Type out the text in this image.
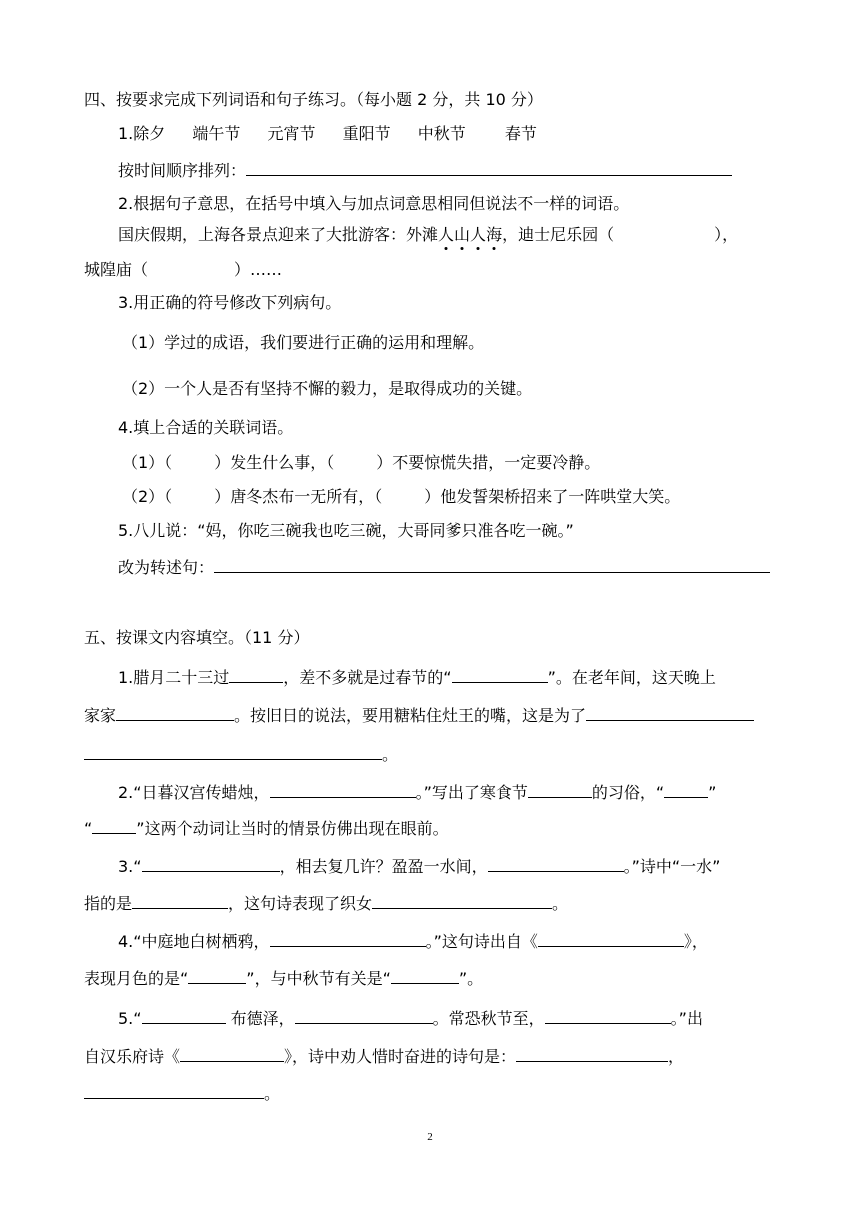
四、按要求完成下列词语和句子练习。（每小题 2 分，共 10 分）
1.除夕 端午节 元宵节 重阳节 中秋节 春节
按时间顺序排列：
2.根据句子意思，在括号中填入与加点词意思相同但说法不一样的词语。
国庆假期，上海各景点迎来了大批游客：外滩人山人海，迪士尼乐园（	），
城隍庙（	）……
3.用正确的符号修改下列病句。
（1）学过的成语，我们要进行正确的运用和理解。
（2）一个人是否有坚持不懈的毅力，是取得成功的关键。
4.填上合适的关联词语。
（1）（	）发生什么事，（	）不要惊慌失措，一定要冷静。
（2）（	）唐冬杰布一无所有，（	）他发誓架桥招来了一阵哄堂大笑。
5.八儿说：“妈，你吃三碗我也吃三碗，大哥同爹只准各吃一碗。”
改为转述句：
五、按课文内容填空。（11 分）
1.腊月二十三过	，差不多就是过春节的“	”。在老年间，这天晚上
家家	。按旧日的说法，要用糖粘住灶王的嘴，这是为了
。
2.“日暮汉宫传蜡烛，	。”写出了寒食节	的习俗，“	”
“	”这两个动词让当时的情景仿佛出现在眼前。
3.“	，相去复几许？盈盈一水间，	。”诗中“一水”
指的是	，这句诗表现了织女	。
4.“中庭地白树栖鸦，	。”这句诗出自《	》，
表现月色的是“	”，与中秋节有关是“	”。
5.“	布德泽，	。常恐秋节至，	。”出
自汉乐府诗《	》，诗中劝人惜时奋进的诗句是：	，
。
2
